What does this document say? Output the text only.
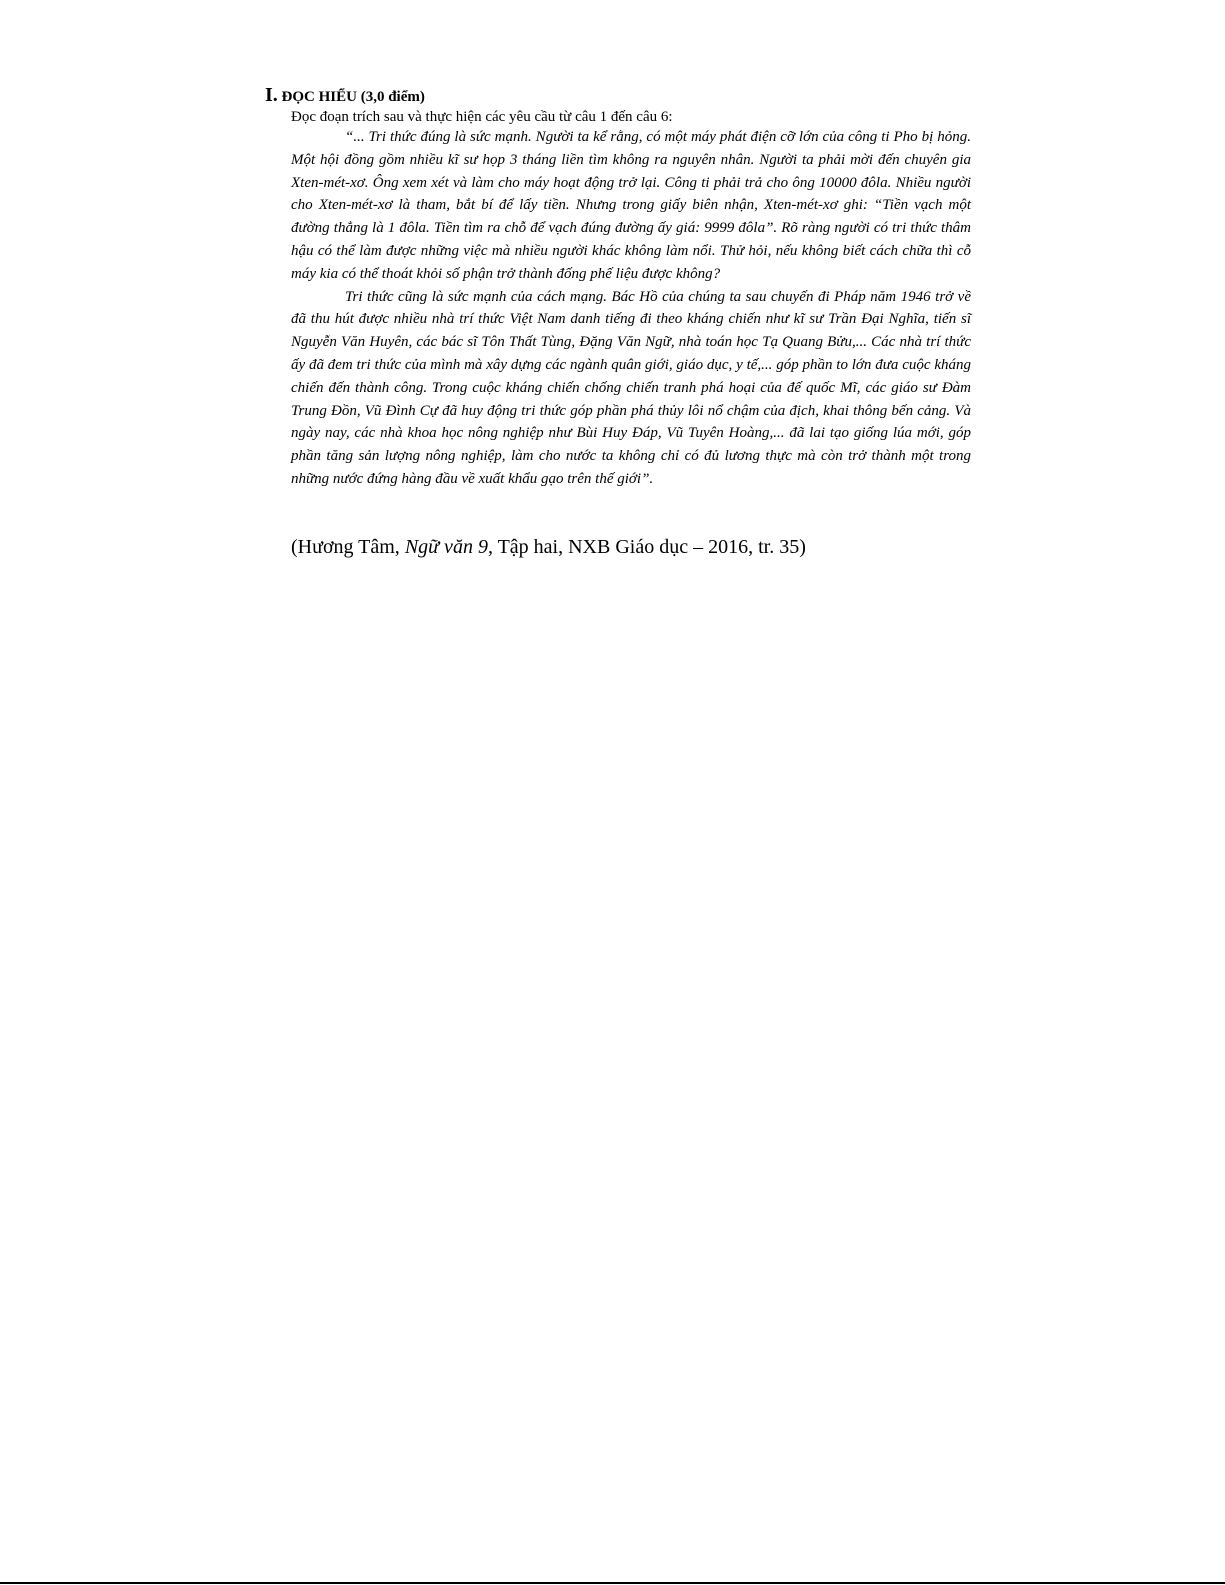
I. ĐỌC HIỂU (3,0 điểm)
Đọc đoạn trích sau và thực hiện các yêu cầu từ câu 1 đến câu 6:

“... Tri thức đúng là sức mạnh. Người ta kể rằng, có một máy phát điện cỡ lớn của công ti Pho bị hỏng. Một hội đồng gồm nhiều kĩ sư họp 3 tháng liền tìm không ra nguyên nhân. Người ta phải mời đến chuyên gia Xten-mét-xơ. Ông xem xét và làm cho máy hoạt động trở lại. Công ti phải trả cho ông 10000 đôla. Nhiều người cho Xten-mét-xơ là tham, bắt bí để lấy tiền. Nhưng trong giấy biên nhận, Xten-mét-xơ ghi: “Tiền vạch một đường thẳng là 1 đôla. Tiền tìm ra chỗ để vạch đúng đường ấy giá: 9999 đôla”. Rõ ràng người có tri thức thâm hậu có thể làm được những việc mà nhiều người khác không làm nổi. Thử hỏi, nếu không biết cách chữa thì cỗ máy kia có thể thoát khỏi số phận trở thành đống phế liệu được không?

Tri thức cũng là sức mạnh của cách mạng. Bác Hồ của chúng ta sau chuyến đi Pháp năm 1946 trở về đã thu hút được nhiều nhà trí thức Việt Nam danh tiếng đi theo kháng chiến như kĩ sư Trần Đại Nghĩa, tiến sĩ Nguyễn Văn Huyên, các bác sĩ Tôn Thất Tùng, Đặng Văn Ngữ, nhà toán học Tạ Quang Bửu,... Các nhà trí thức ấy đã đem tri thức của mình mà xây dựng các ngành quân giới, giáo dục, y tế,... góp phần to lớn đưa cuộc kháng chiến đến thành công. Trong cuộc kháng chiến chống chiến tranh phá hoại của đế quốc Mĩ, các giáo sư Đàm Trung Đồn, Vũ Đình Cự đã huy động tri thức góp phần phá thủy lôi nổ chậm của địch, khai thông bến cảng. Và ngày nay, các nhà khoa học nông nghiệp như Bùi Huy Đáp, Vũ Tuyên Hoàng,... đã lai tạo giống lúa mới, góp phần tăng sản lượng nông nghiệp, làm cho nước ta không chỉ có đủ lương thực mà còn trở thành một trong những nước đứng hàng đầu về xuất khẩu gạo trên thế giới”.

(Hương Tâm, Ngữ văn 9, Tập hai, NXB Giáo dục – 2016, tr. 35)
